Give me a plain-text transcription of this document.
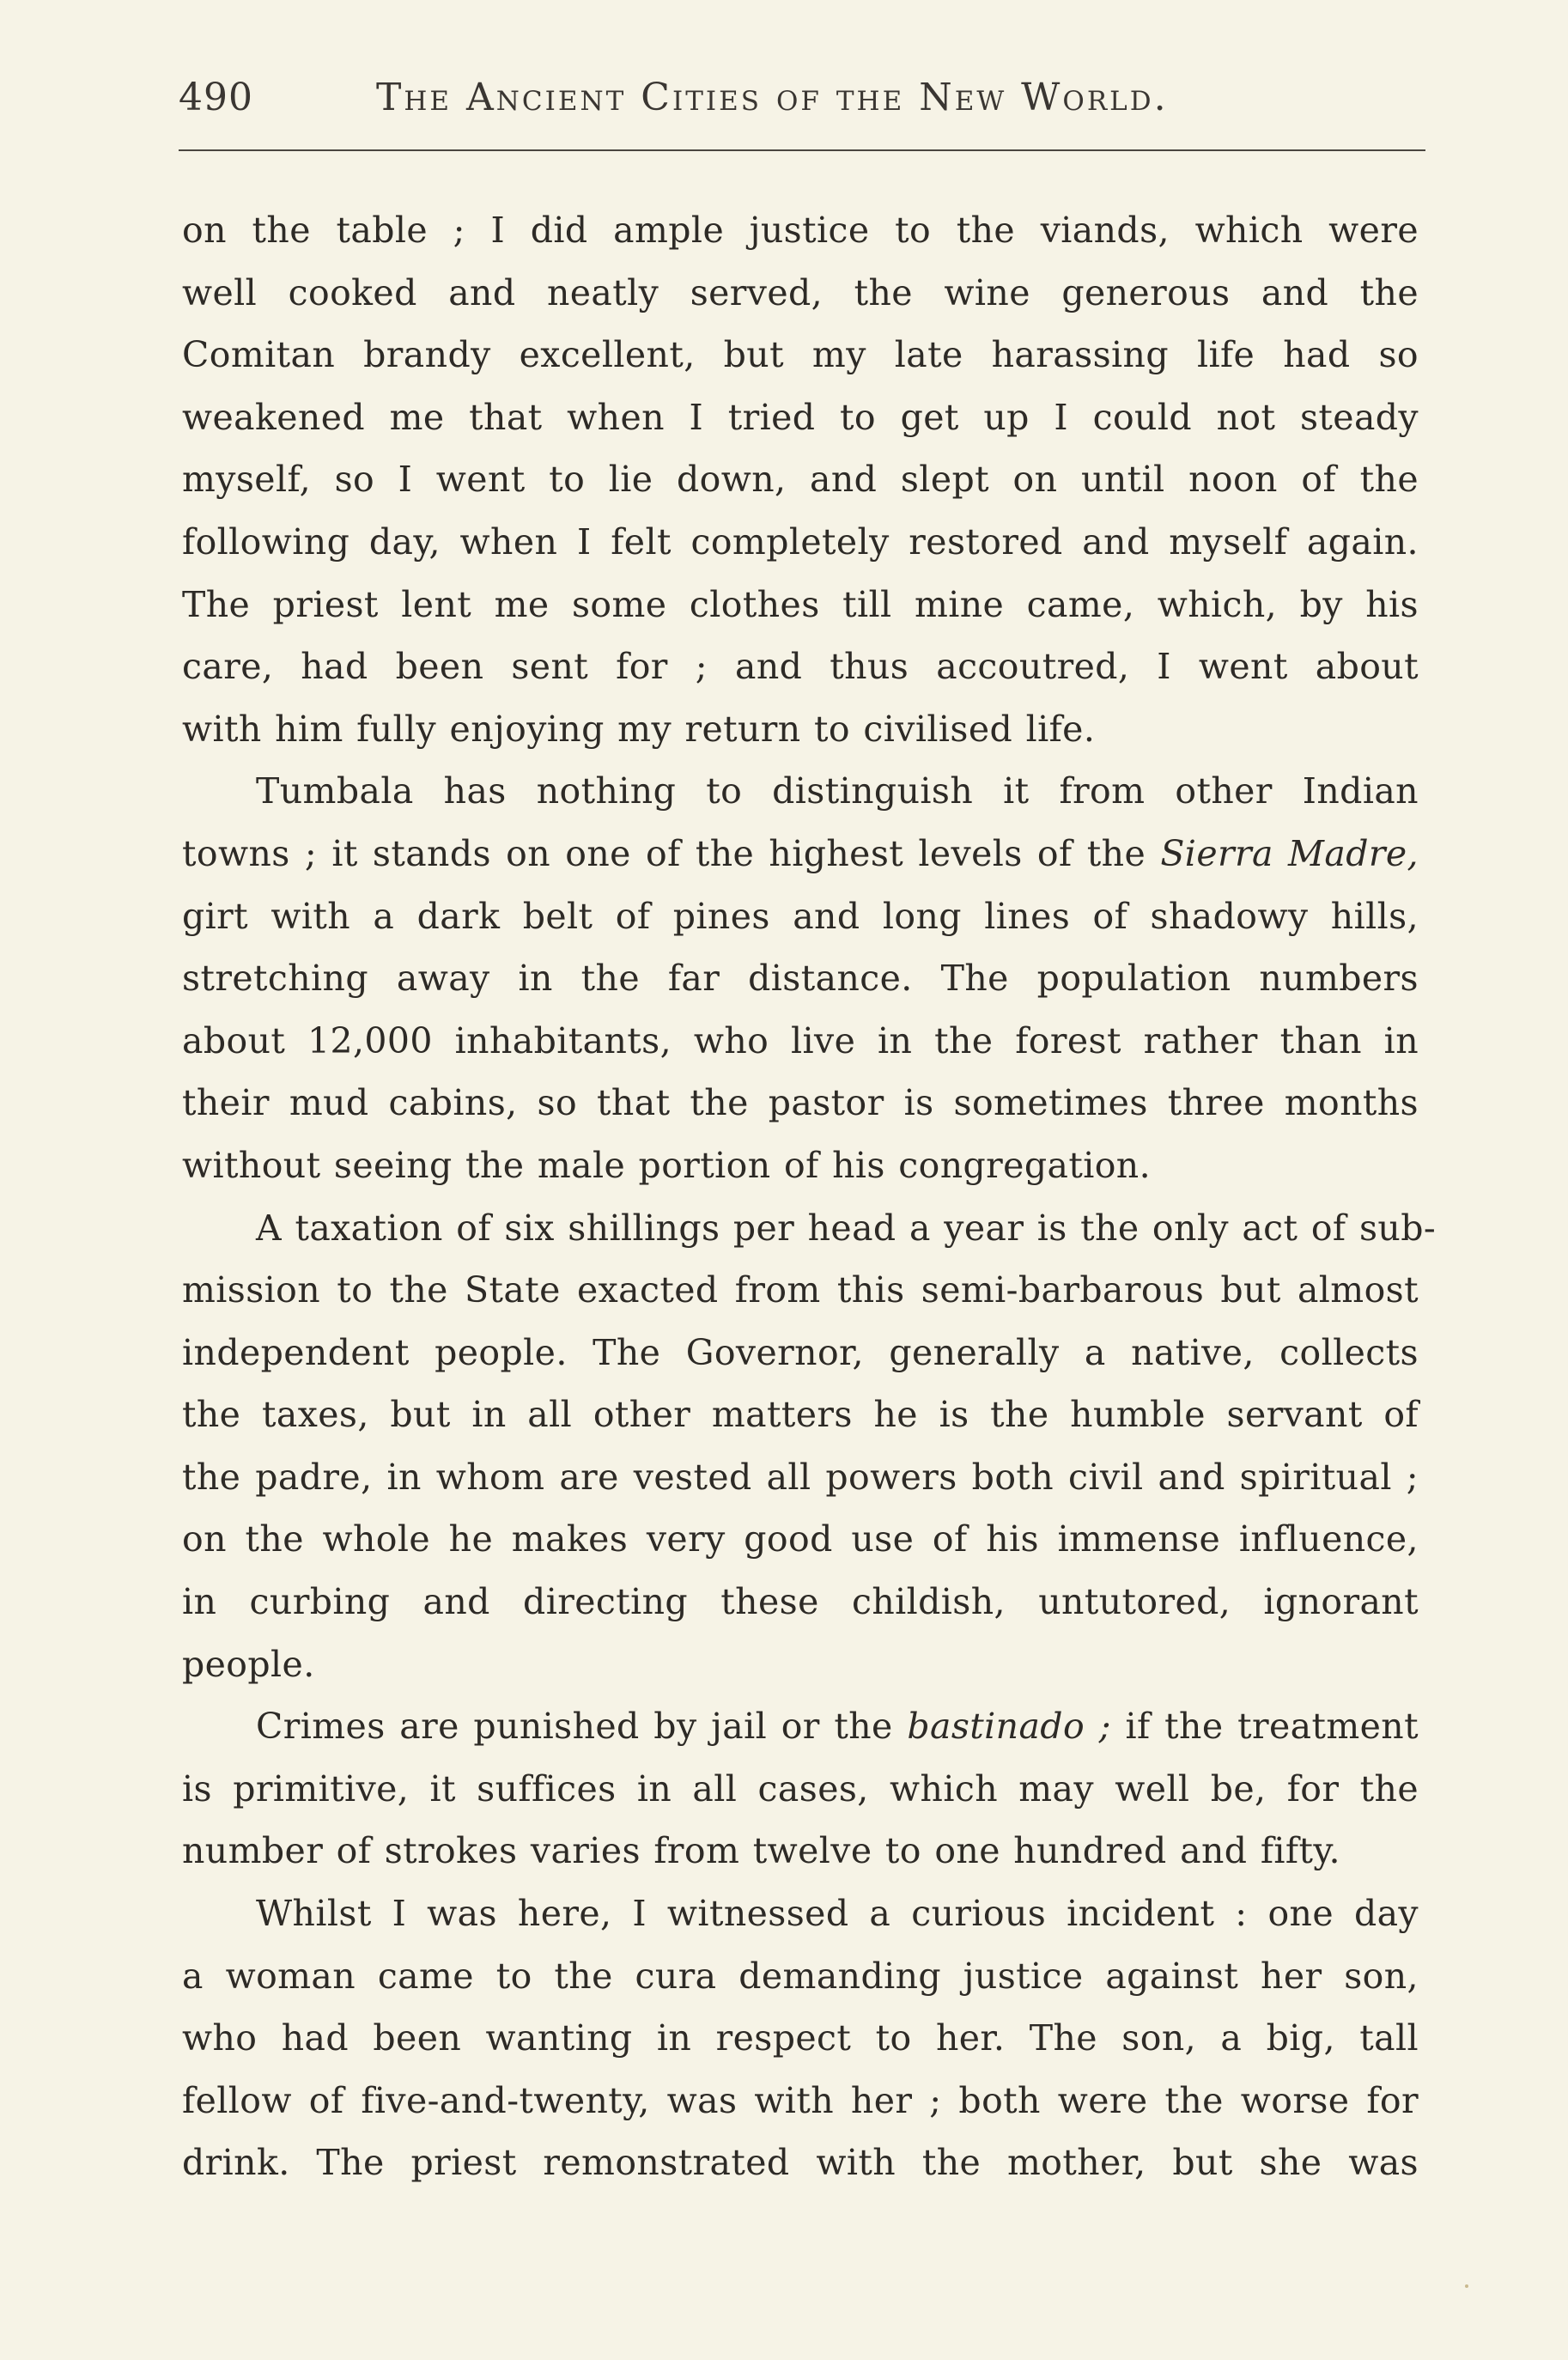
490	The Ancient Cities of the New World.
on the table ; I did ample justice to the viands, which were
well cooked and neatly served, the wine generous and the
Comitan brandy excellent, but my late harassing life had so
weakened me that when I tried to get up I could not steady
myself, so I went to lie down, and slept on until noon of the
following day, when I felt completely restored and myself again.
The priest lent me some clothes till mine came, which, by his
care, had been sent for ; and thus accoutred, I went about
with him fully enjoying my return to civilised life.
Tumbala has nothing to distinguish it from other Indian
towns ; it stands on one of the highest levels of the Sierra Madre,
girt with a dark belt of pines and long lines of shadowy hills,
stretching away in the far distance. The population numbers
about 12,000 inhabitants, who live in the forest rather than in
their mud cabins, so that the pastor is sometimes three months
without seeing the male portion of his congregation.
A taxation of six shillings per head a year is the only act of sub-
mission to the State exacted from this semi-barbarous but almost
independent people. The Governor, generally a native, collects
the taxes, but in all other matters he is the humble servant of
the padre, in whom are vested all powers both civil and spiritual ;
on the whole he makes very good use of his immense influence,
in curbing and directing these childish, untutored, ignorant
people.
Crimes are punished by jail or the bastinado ; if the treatment
is primitive, it suffices in all cases, which may well be, for the
number of strokes varies from twelve to one hundred and fifty.
Whilst I was here, I witnessed a curious incident : one day
a woman came to the cura demanding justice against her son,
who had been wanting in respect to her. The son, a big, tall
fellow of five-and-twenty, was with her ; both were the worse for
drink. The priest remonstrated with the mother, but she was
